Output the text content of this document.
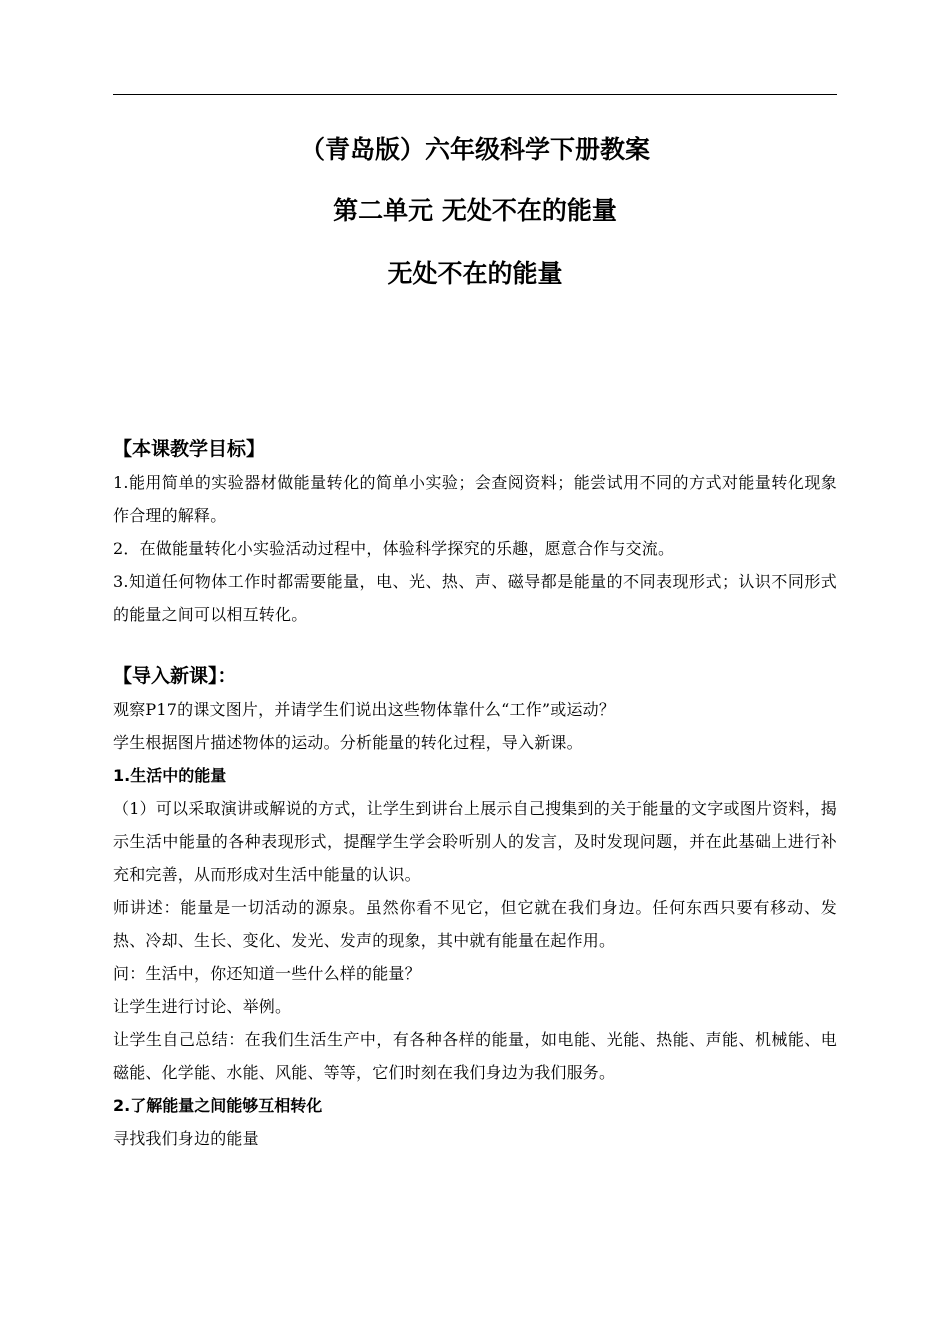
（青岛版）六年级科学下册教案
第二单元 无处不在的能量
无处不在的能量
【本课教学目标】

1.能用简单的实验器材做能量转化的简单小实验；会查阅资料；能尝试用不同的方式对能量转化现象作合理的解释。

2．在做能量转化小实验活动过程中，体验科学探究的乐趣，愿意合作与交流。

3.知道任何物体工作时都需要能量，电、光、热、声、磁导都是能量的不同表现形式；认识不同形式的能量之间可以相互转化。

【导入新课】：

观察P17的课文图片，并请学生们说出这些物体靠什么“工作”或运动？

学生根据图片描述物体的运动。分析能量的转化过程，导入新课。

1.生活中的能量

（1）可以采取演讲或解说的方式，让学生到讲台上展示自己搜集到的关于能量的文字或图片资料，揭示生活中能量的各种表现形式，提醒学生学会聆听别人的发言，及时发现问题，并在此基础上进行补充和完善，从而形成对生活中能量的认识。

师讲述：能量是一切活动的源泉。虽然你看不见它，但它就在我们身边。任何东西只要有移动、发热、冷却、生长、变化、发光、发声的现象，其中就有能量在起作用。

问：生活中，你还知道一些什么样的能量？

让学生进行讨论、举例。

让学生自己总结：在我们生活生产中，有各种各样的能量，如电能、光能、热能、声能、机械能、电磁能、化学能、水能、风能、等等，它们时刻在我们身边为我们服务。

2.了解能量之间能够互相转化

寻找我们身边的能量
